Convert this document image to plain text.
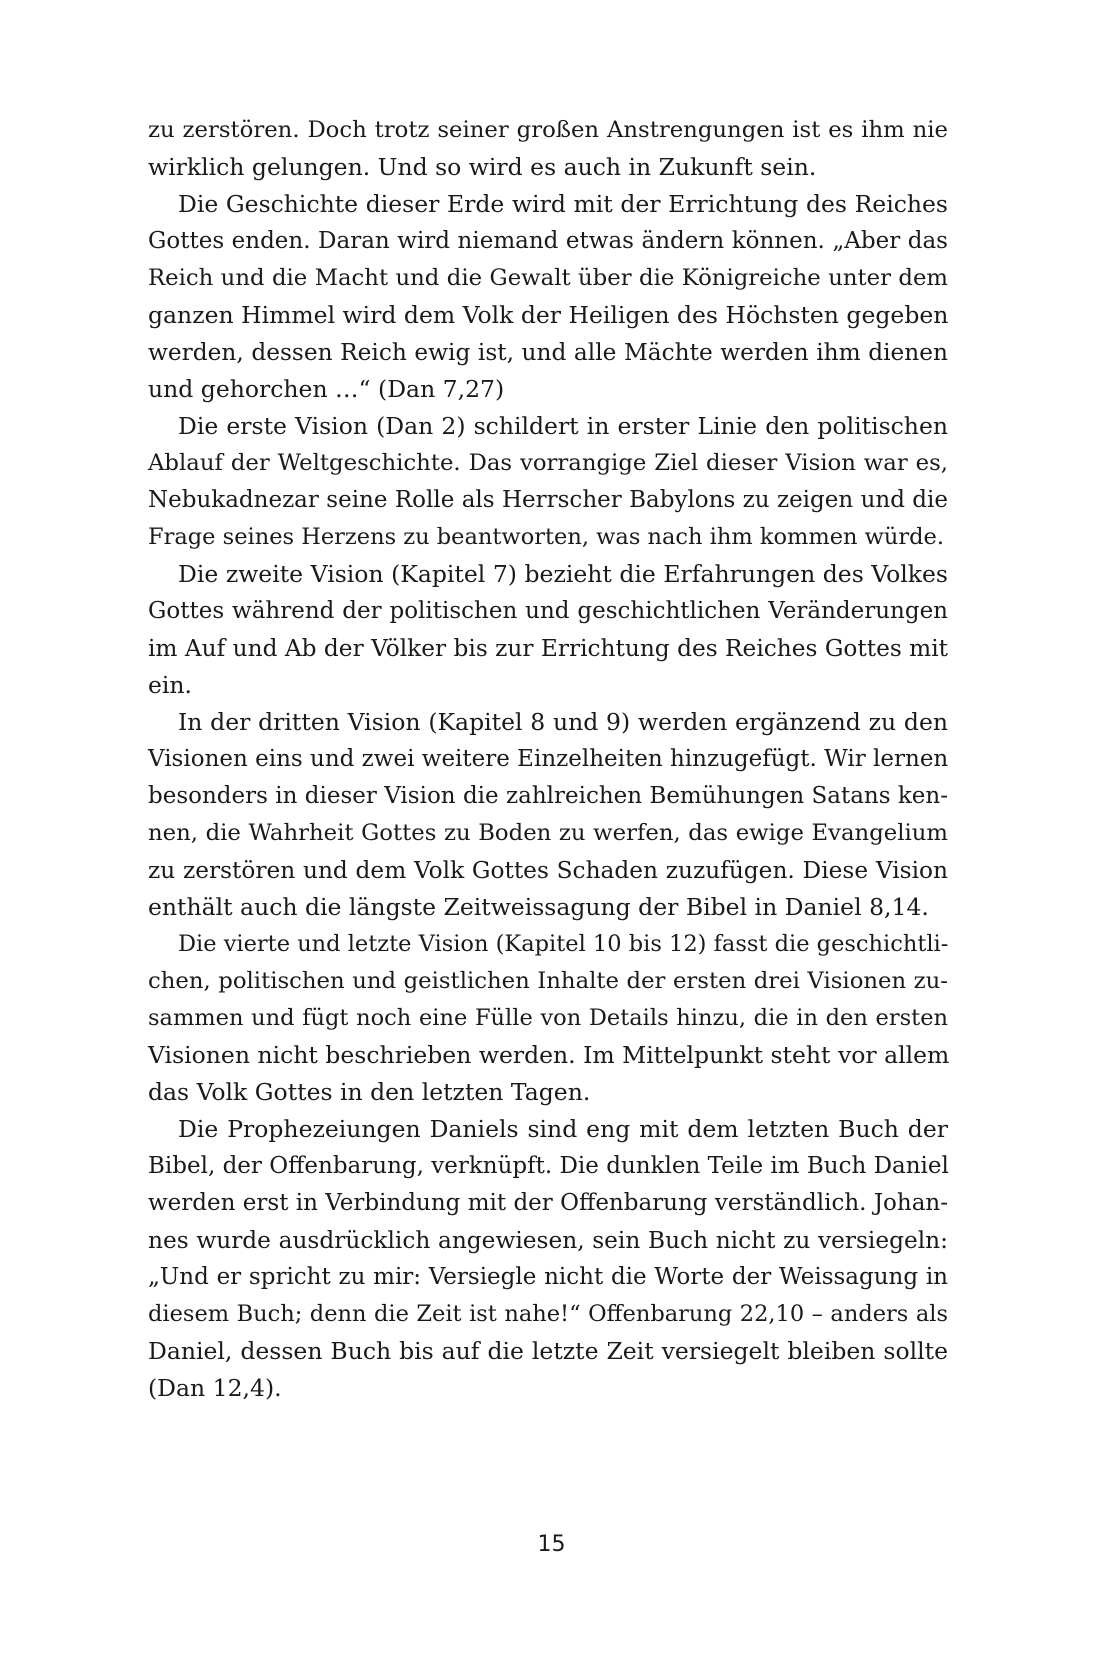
zu zerstören. Doch trotz seiner großen Anstrengungen ist es ihm nie
wirklich gelungen. Und so wird es auch in Zukunft sein.
Die Geschichte dieser Erde wird mit der Errichtung des Reiches
Gottes enden. Daran wird niemand etwas ändern können. „Aber das
Reich und die Macht und die Gewalt über die Königreiche unter dem
ganzen Himmel wird dem Volk der Heiligen des Höchsten gegeben
werden, dessen Reich ewig ist, und alle Mächte werden ihm dienen
und gehorchen …“ (Dan 7,27)
Die erste Vision (Dan 2) schildert in erster Linie den politischen
Ablauf der Weltgeschichte. Das vorrangige Ziel dieser Vision war es,
Nebukadnezar seine Rolle als Herrscher Babylons zu zeigen und die
Frage seines Herzens zu beantworten, was nach ihm kommen würde.
Die zweite Vision (Kapitel 7) bezieht die Erfahrungen des Volkes
Gottes während der politischen und geschichtlichen Veränderungen
im Auf und Ab der Völker bis zur Errichtung des Reiches Gottes mit
ein.
In der dritten Vision (Kapitel 8 und 9) werden ergänzend zu den
Visionen eins und zwei weitere Einzelheiten hinzugefügt. Wir lernen
besonders in dieser Vision die zahlreichen Bemühungen Satans ken-
nen, die Wahrheit Gottes zu Boden zu werfen, das ewige Evangelium
zu zerstören und dem Volk Gottes Schaden zuzufügen. Diese Vision
enthält auch die längste Zeitweissagung der Bibel in Daniel 8,14.
Die vierte und letzte Vision (Kapitel 10 bis 12) fasst die geschichtli-
chen, politischen und geistlichen Inhalte der ersten drei Visionen zu-
sammen und fügt noch eine Fülle von Details hinzu, die in den ersten
Visionen nicht beschrieben werden. Im Mittelpunkt steht vor allem
das Volk Gottes in den letzten Tagen.
Die Prophezeiungen Daniels sind eng mit dem letzten Buch der
Bibel, der Offenbarung, verknüpft. Die dunklen Teile im Buch Daniel
werden erst in Verbindung mit der Offenbarung verständlich. Johan-
nes wurde ausdrücklich angewiesen, sein Buch nicht zu versiegeln:
„Und er spricht zu mir: Versiegle nicht die Worte der Weissagung in
diesem Buch; denn die Zeit ist nahe!“ Offenbarung 22,10 – anders als
Daniel, dessen Buch bis auf die letzte Zeit versiegelt bleiben sollte
(Dan 12,4).
15
